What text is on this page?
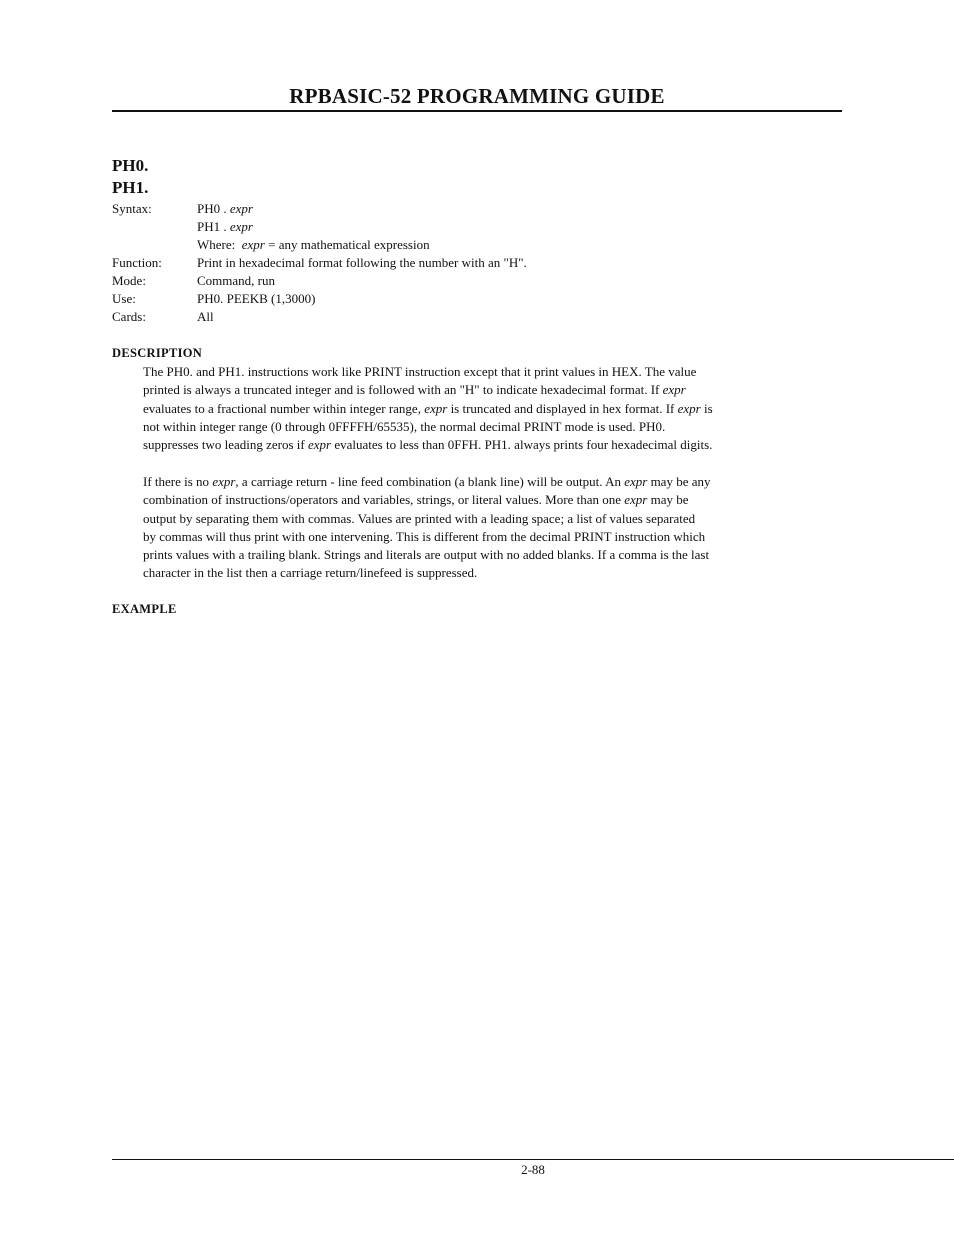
RPBASIC-52 PROGRAMMING GUIDE
PH0.
PH1.
Syntax:	PH0 . expr
PH1 . expr
Where:  expr = any mathematical expression
Function:	Print in hexadecimal format following the number with an "H".
Mode:	Command, run
Use:	PH0. PEEKB (1,3000)
Cards:	All
DESCRIPTION
The PH0. and PH1. instructions work like PRINT instruction except that it print values in HEX. The value
printed is always a truncated integer and is followed with an "H" to indicate hexadecimal format. If expr
evaluates to a fractional number within integer range, expr is truncated and displayed in hex format. If expr is
not within integer range (0 through 0FFFFH/65535), the normal decimal PRINT mode is used. PH0.
suppresses two leading zeros if expr evaluates to less than 0FFH. PH1. always prints four hexadecimal digits.
If there is no expr, a carriage return - line feed combination (a blank line) will be output. An expr may be any
combination of instructions/operators and variables, strings, or literal values. More than one expr may be
output by separating them with commas. Values are printed with a leading space; a list of values separated
by commas will thus print with one intervening. This is different from the decimal PRINT instruction which
prints values with a trailing blank. Strings and literals are output with no added blanks. If a comma is the last
character in the list then a carriage return/linefeed is suppressed.
EXAMPLE
2-88
